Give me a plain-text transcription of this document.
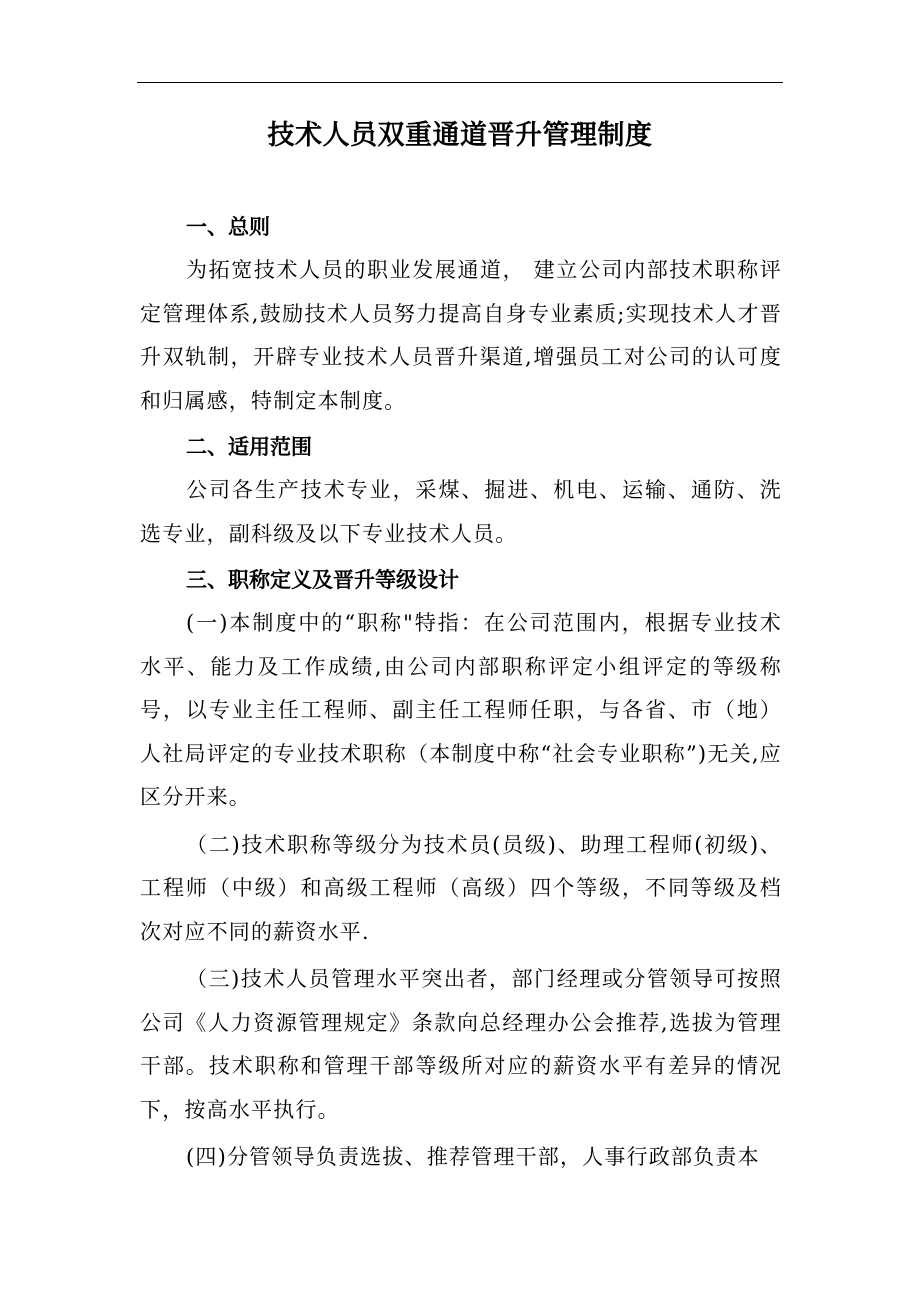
技术人员双重通道晋升管理制度

一、总则

为拓宽技术人员的职业发展通道， 建立公司内部技术职称评定管理体系,鼓励技术人员努力提高自身专业素质;实现技术人才晋升双轨制，开辟专业技术人员晋升渠道,增强员工对公司的认可度和归属感，特制定本制度。

二、适用范围

公司各生产技术专业，采煤、掘进、机电、运输、通防、洗选专业，副科级及以下专业技术人员。

三、职称定义及晋升等级设计

(一)本制度中的“职称"特指：在公司范围内，根据专业技术水平、能力及工作成绩,由公司内部职称评定小组评定的等级称号，以专业主任工程师、副主任工程师任职，与各省、市（地）人社局评定的专业技术职称（本制度中称“社会专业职称”)无关,应区分开来。

（二)技术职称等级分为技术员(员级)、助理工程师(初级)、工程师（中级）和高级工程师（高级）四个等级，不同等级及档次对应不同的薪资水平.

（三)技术人员管理水平突出者，部门经理或分管领导可按照公司《人力资源管理规定》条款向总经理办公会推荐,选拔为管理干部。技术职称和管理干部等级所对应的薪资水平有差异的情况下，按高水平执行。

(四)分管领导负责选拔、推荐管理干部，人事行政部负责本
